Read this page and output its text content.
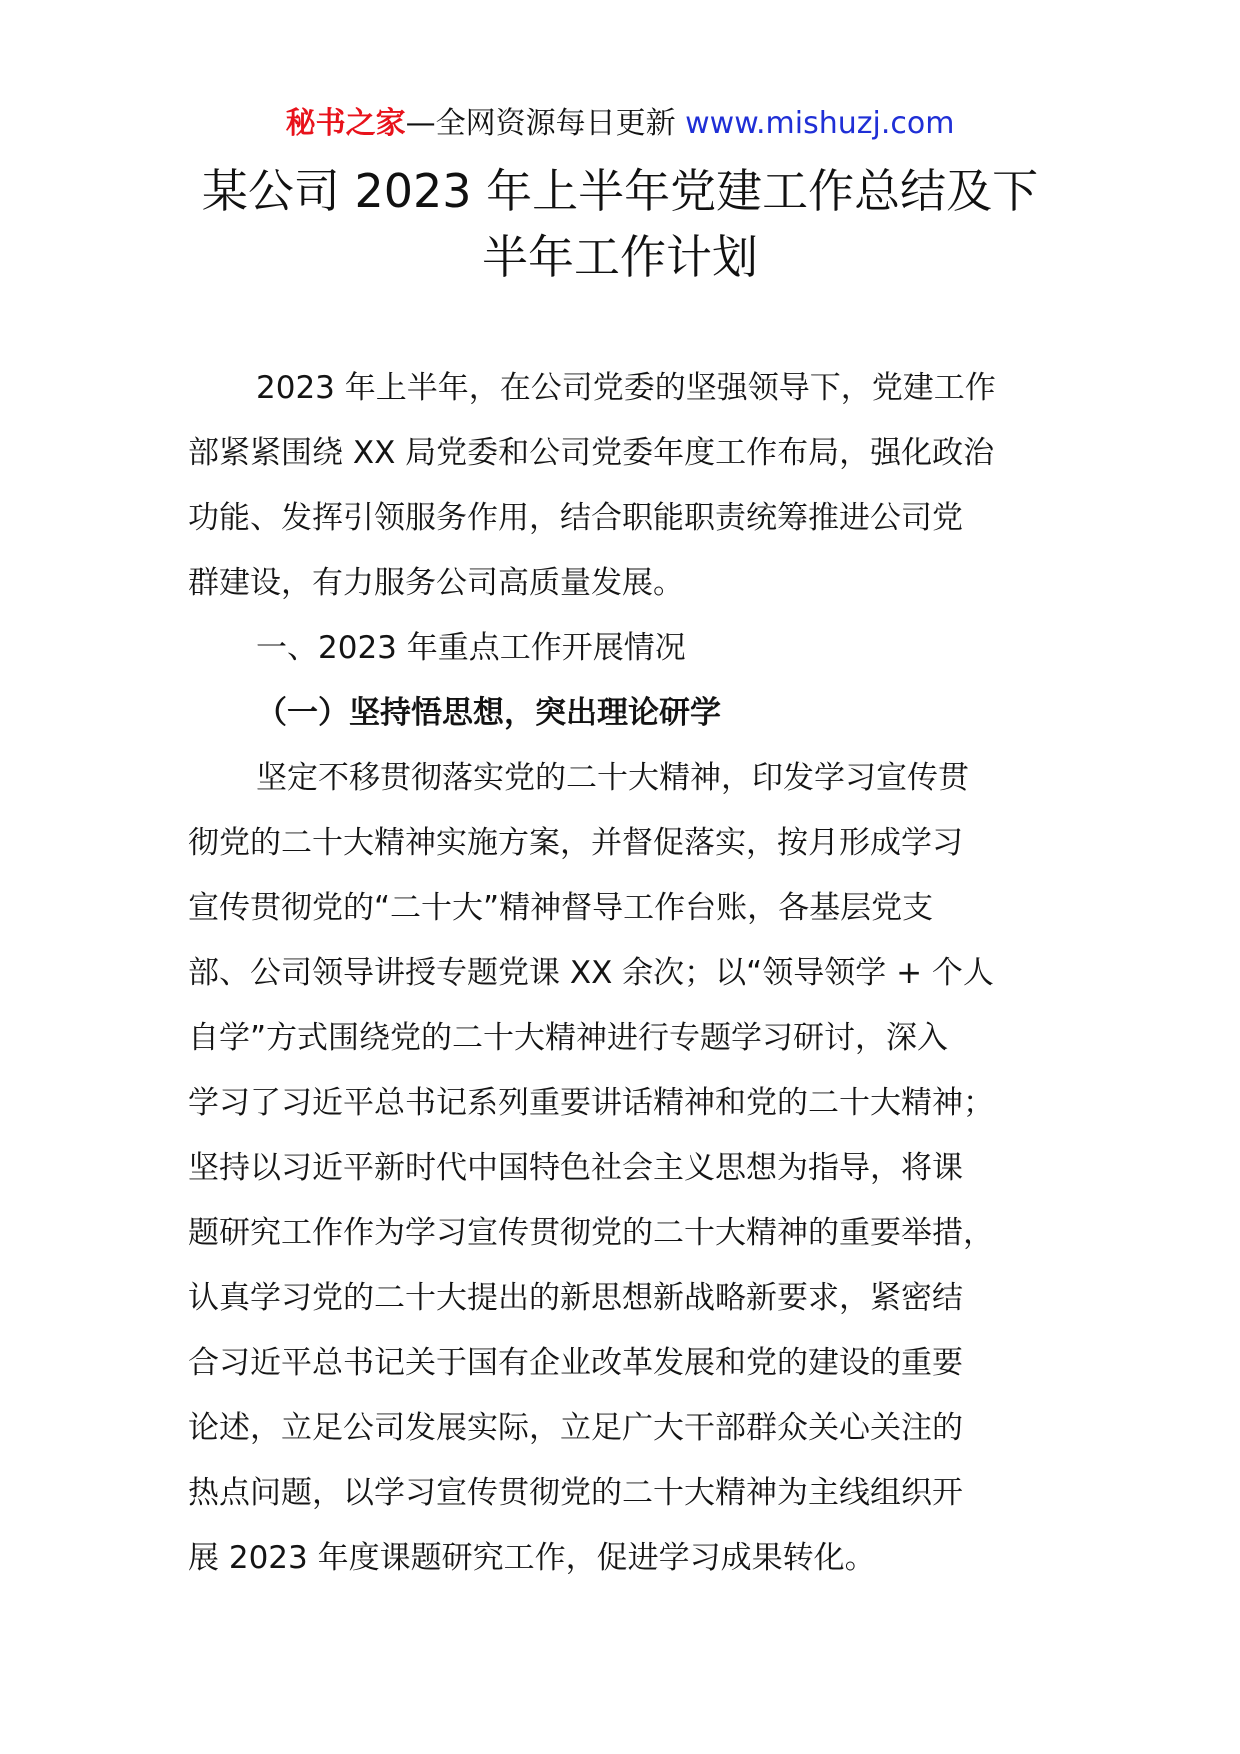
秘书之家—全网资源每日更新 www.mishuzj.com
某公司 2023 年上半年党建工作总结及下
半年工作计划
2023 年上半年，在公司党委的坚强领导下，党建工作
部紧紧围绕 XX 局党委和公司党委年度工作布局，强化政治
功能、发挥引领服务作用，结合职能职责统筹推进公司党
群建设，有力服务公司高质量发展。
一、2023 年重点工作开展情况
（一）坚持悟思想，突出理论研学
坚定不移贯彻落实党的二十大精神，印发学习宣传贯
彻党的二十大精神实施方案，并督促落实，按月形成学习
宣传贯彻党的“二十大”精神督导工作台账，各基层党支
部、公司领导讲授专题党课 XX 余次；以“领导领学 + 个人
自学”方式围绕党的二十大精神进行专题学习研讨，深入
学习了习近平总书记系列重要讲话精神和党的二十大精神；
坚持以习近平新时代中国特色社会主义思想为指导，将课
题研究工作作为学习宣传贯彻党的二十大精神的重要举措，
认真学习党的二十大提出的新思想新战略新要求，紧密结
合习近平总书记关于国有企业改革发展和党的建设的重要
论述，立足公司发展实际，立足广大干部群众关心关注的
热点问题，以学习宣传贯彻党的二十大精神为主线组织开
展 2023 年度课题研究工作，促进学习成果转化。
